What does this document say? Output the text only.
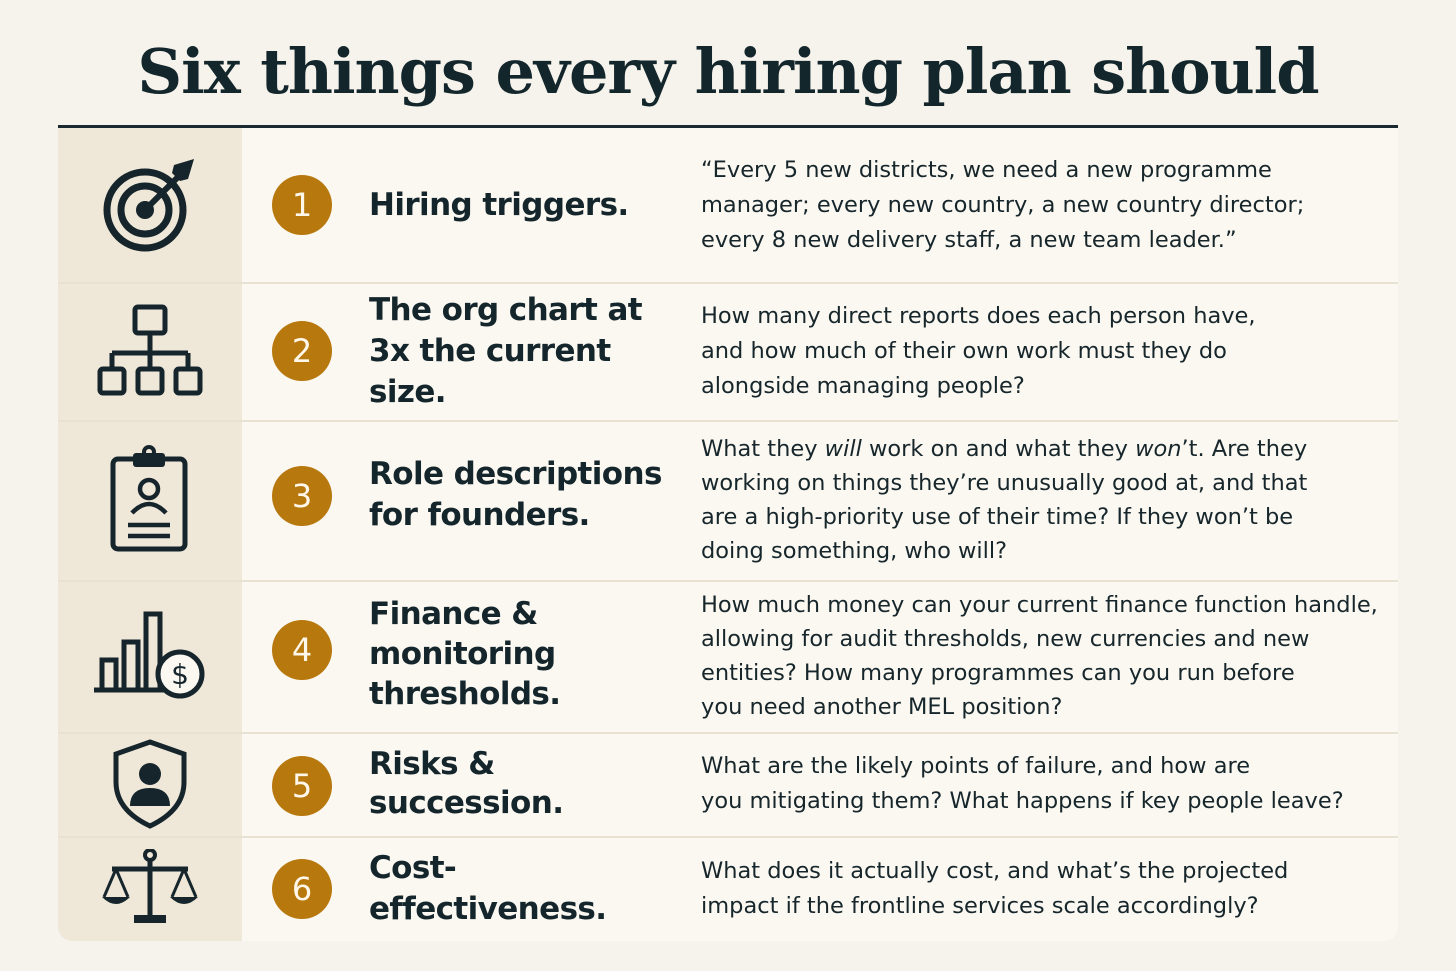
Six things every hiring plan should
1	Hiring triggers.
“Every 5 new districts, we need a new programme
manager; every new country, a new country director;
every 8 new delivery staff, a new team leader.”
2
The org chart at
3x the current size.
How many direct reports does each person have,
and how much of their own work must they do
alongside managing people?
3
Role descriptions
for founders.
What they will work on and what they won’t. Are they
working on things they’re unusually good at, and that
are a high-priority use of their time? If they won’t be
doing something, who will?
$
4
Finance &
monitoring
thresholds.
How much money can your current finance function handle,
allowing for audit thresholds, new currencies and new
entities? How many programmes can you run before
you need another MEL position?
5
Risks &
succession.
What are the likely points of failure, and how are
you mitigating them? What happens if key people leave?
6
Cost-effectiveness.
What does it actually cost, and what’s the projected
impact if the frontline services scale accordingly?
